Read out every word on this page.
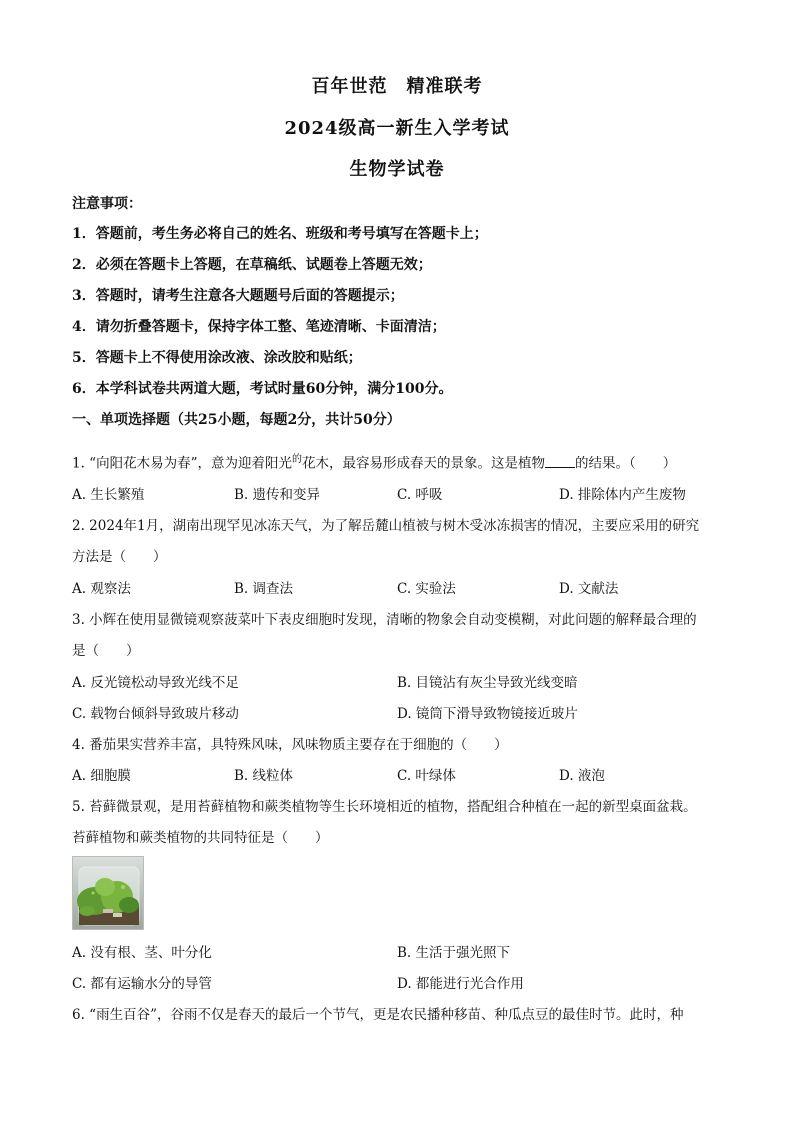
百年世范　精准联考
2024级高一新生入学考试
生物学试卷
注意事项：
1．答题前，考生务必将自己的姓名、班级和考号填写在答题卡上；
2．必须在答题卡上答题，在草稿纸、试题卷上答题无效；
3．答题时，请考生注意各大题题号后面的答题提示；
4．请勿折叠答题卡，保持字体工整、笔迹清晰、卡面清洁；
5．答题卡上不得使用涂改液、涂改胶和贴纸；
6．本学科试卷共两道大题，考试时量60分钟，满分100分。
一、单项选择题（共25小题，每题2分，共计50分）
1. “向阳花木易为春”，意为迎着阳光$^的$花木，最容易形成春天的景象。这是植物 的结果。（　　）
A. 生长繁殖	B. 遗传和变异	C. 呼吸	D. 排除体内产生废物
2. 2024年1月，湖南出现罕见冰冻天气，为了解岳麓山植被与树木受冰冻损害的情况，主要应采用的研究
方法是（　　）
A. 观察法	B. 调查法	C. 实验法	D. 文献法
3. 小辉在使用显微镜观察菠菜叶下表皮细胞时发现，清晰的物象会自动变模糊，对此问题的解释最合理的
是（　　）
A. 反光镜松动导致光线不足	B. 目镜沾有灰尘导致光线变暗
C. 载物台倾斜导致玻片移动	D. 镜筒下滑导致物镜接近玻片
4. 番茄果实营养丰富，具特殊风味，风味物质主要存在于细胞的（　　）
A. 细胞膜	B. 线粒体	C. 叶绿体	D. 液泡
5. 苔藓微景观，是用苔藓植物和蕨类植物等生长环境相近的植物，搭配组合种植在一起的新型桌面盆栽。
苔藓植物和蕨类植物的共同特征是（　　）
A. 没有根、茎、叶分化	B. 生活于强光照下
C. 都有运输水分的导管	D. 都能进行光合作用
6. “雨生百谷”，谷雨不仅是春天的最后一个节气，更是农民播种移苗、种瓜点豆的最佳时节。此时，种
